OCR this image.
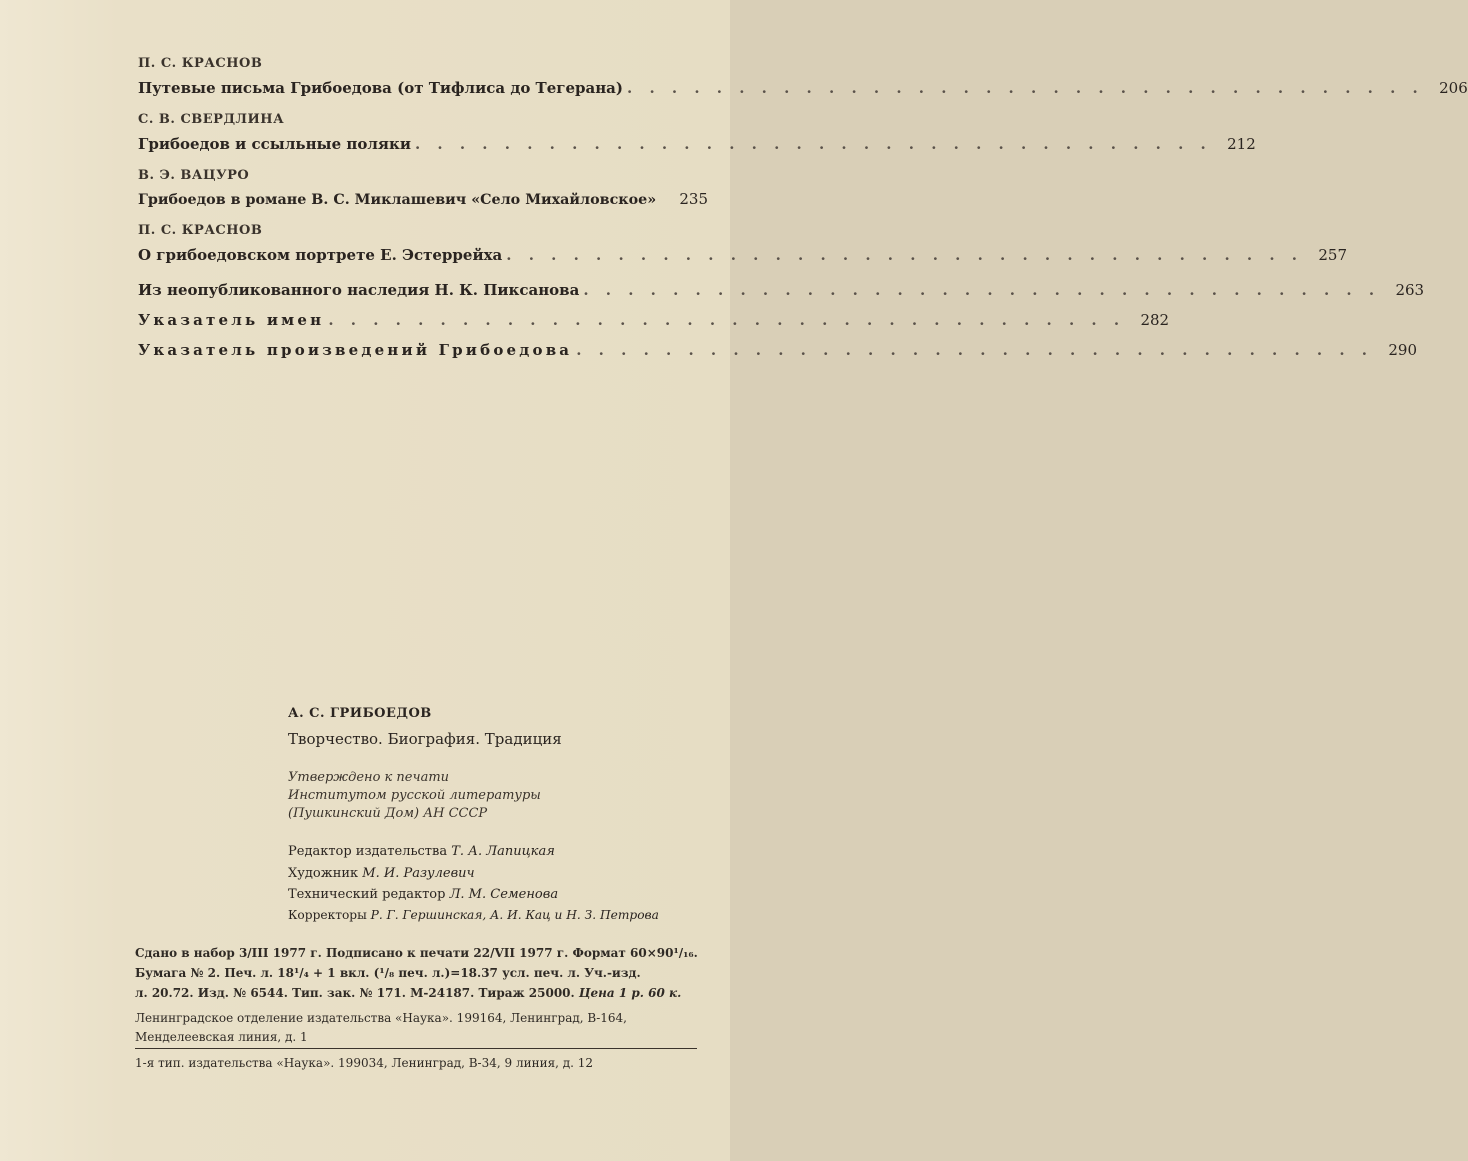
П. С. КРАСНОВ
Путевые письма Грибоедова (от Тифлиса до Тегерана) . . . . . . . . . . . . . . . . . . . . . . . . . . . . . . . . . . . .	206
С. В. СВЕРДЛИНА
Грибоедов и ссыльные поляки . . . . . . . . . . . . . . . . . . . . . . . . . . . . . . . . . . . .	212
В. Э. ВАЦУРО
Грибоедов в романе В. С. Миклашевич «Село Михайловское»	235
П. С. КРАСНОВ
О грибоедовском портрете Е. Эстеррейха . . . . . . . . . . . . . . . . . . . . . . . . . . . . . . . . . . . .	257
Из неопубликованного наследия Н. К. Пиксанова . . . . . . . . . . . . . . . . . . . . . . . . . . . . . . . . . . . .	263
Указатель имен . . . . . . . . . . . . . . . . . . . . . . . . . . . . . . . . . . . .	282
Указатель произведений Грибоедова . . . . . . . . . . . . . . . . . . . . . . . . . . . . . . . . . . . .	290
А. С. ГРИБОЕДОВ
Творчество. Биография. Традиция
Утверждено к печати
Институтом русской литературы
(Пушкинский Дом) АН СССР
Редактор издательства Т. А. Лапицкая
Художник М. И. Разулевич
Технический редактор Л. М. Семенова
Корректоры Р. Г. Гершинская, А. И. Кац и Н. З. Петрова
Сдано в набор 3/III 1977 г. Подписано к печати 22/VII 1977 г. Формат 60×90¹/₁₆.
Бумага № 2. Печ. л. 18¹/₄ + 1 вкл. (¹/₈ печ. л.)=18.37 усл. печ. л. Уч.-изд.
л. 20.72. Изд. № 6544. Тип. зак. № 171. М-24187. Тираж 25000. Цена 1 р. 60 к.
Ленинградское отделение издательства «Наука». 199164, Ленинград, В-164,
Менделеевская линия, д. 1
1-я тип. издательства «Наука». 199034, Ленинград, В-34, 9 линия, д. 12
